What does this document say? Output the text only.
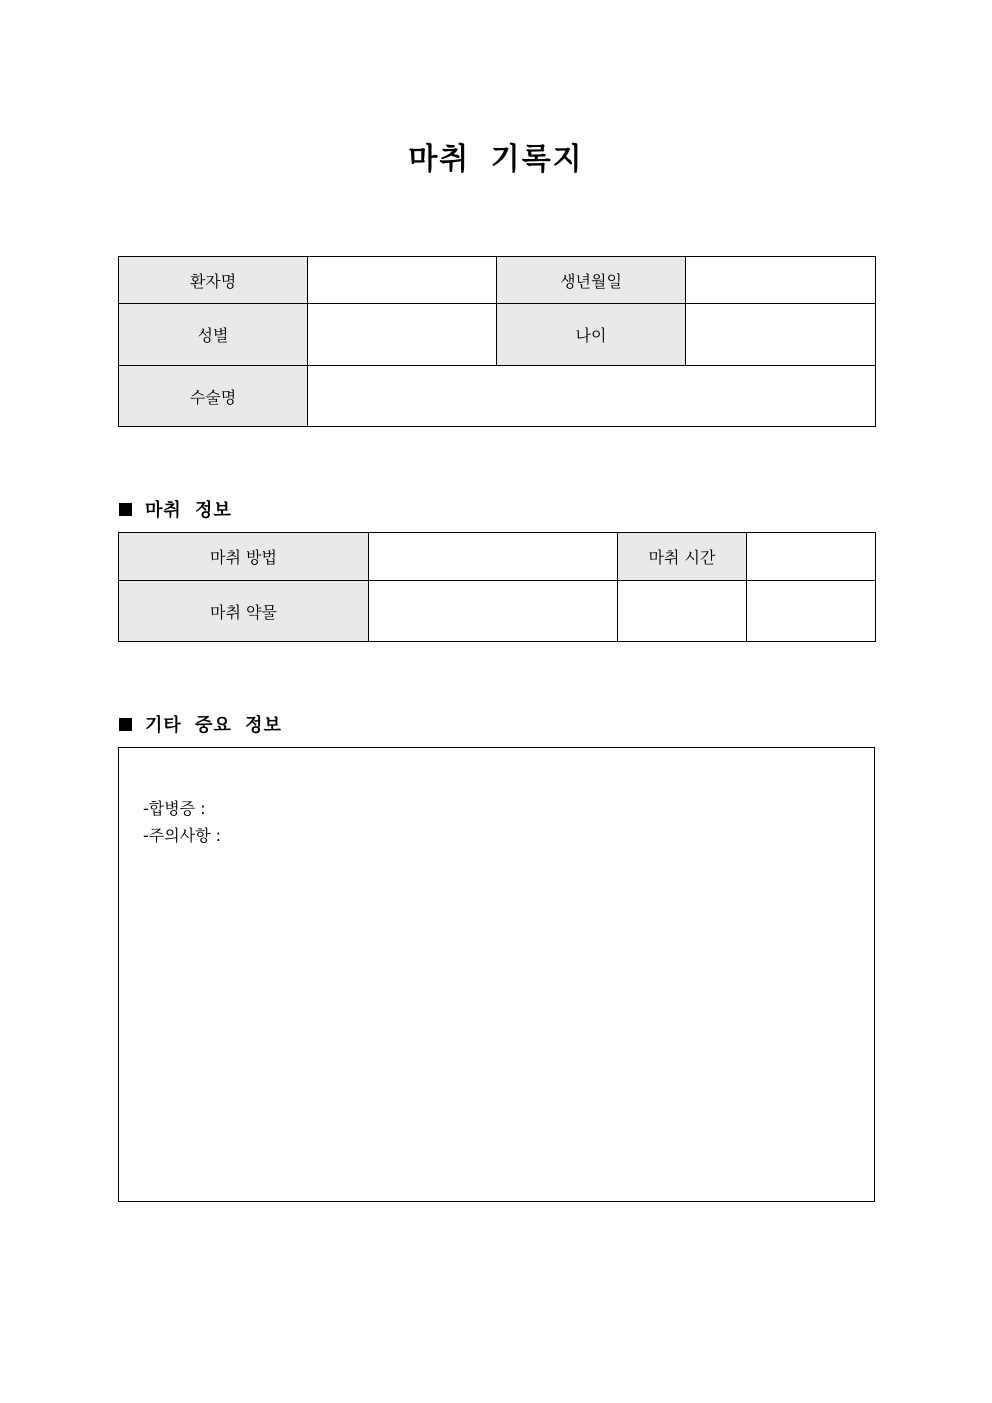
마취 기록지
환자명		생년월일	
성별		나이	
수술명			
마취 정보
마취 방법		마취 시간	
마취 약물			
기타 중요 정보
-합병증 :
-주의사항 :
